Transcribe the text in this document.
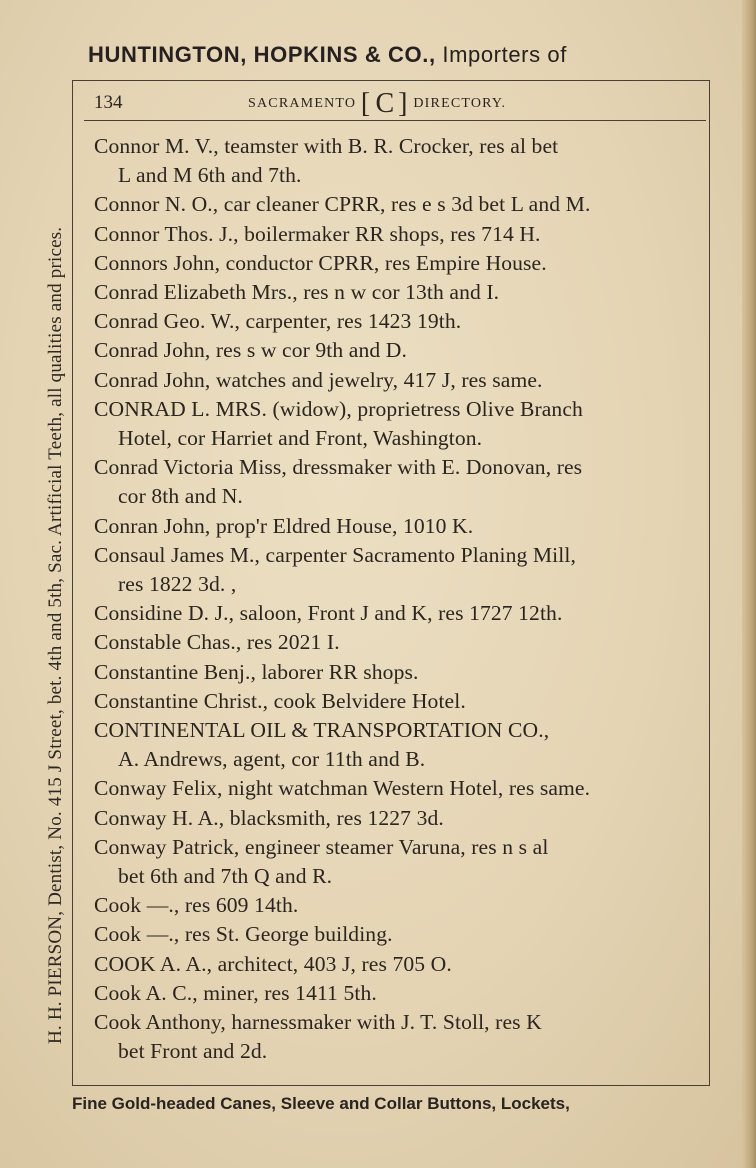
HUNTINGTON, HOPKINS & CO., Importers of
134	SACRAMENTO [ C ] DIRECTORY.
Connor M. V., teamster with B. R. Crocker, res al bet
L and M 6th and 7th.
Connor N. O., car cleaner CPRR, res e s 3d bet L and M.
Connor Thos. J., boilermaker RR shops, res 714 H.
Connors John, conductor CPRR, res Empire House.
Conrad Elizabeth Mrs., res n w cor 13th and I.
Conrad Geo. W., carpenter, res 1423 19th.
Conrad John, res s w cor 9th and D.
Conrad John, watches and jewelry, 417 J, res same.
CONRAD L. MRS. (widow), proprietress Olive Branch
Hotel, cor Harriet and Front, Washington.
Conrad Victoria Miss, dressmaker with E. Donovan, res
cor 8th and N.
Conran John, prop'r Eldred House, 1010 K.
Consaul James M., carpenter Sacramento Planing Mill,
res 1822 3d. ,
Considine D. J., saloon, Front J and K, res 1727 12th.
Constable Chas., res 2021 I.
Constantine Benj., laborer RR shops.
Constantine Christ., cook Belvidere Hotel.
CONTINENTAL OIL & TRANSPORTATION CO.,
A. Andrews, agent, cor 11th and B.
Conway Felix, night watchman Western Hotel, res same.
Conway H. A., blacksmith, res 1227 3d.
Conway Patrick, engineer steamer Varuna, res n s al
bet 6th and 7th Q and R.
Cook —., res 609 14th.
Cook —., res St. George building.
COOK A. A., architect, 403 J, res 705 O.
Cook A. C., miner, res 1411 5th.
Cook Anthony, harnessmaker with J. T. Stoll, res K
bet Front and 2d.
H. H. PIERSON, Dentist, No. 415 J Street, bet. 4th and 5th, Sac. Artificial Teeth, all qualities and prices.
Fine Gold-headed Canes, Sleeve and Collar Buttons, Lockets,
